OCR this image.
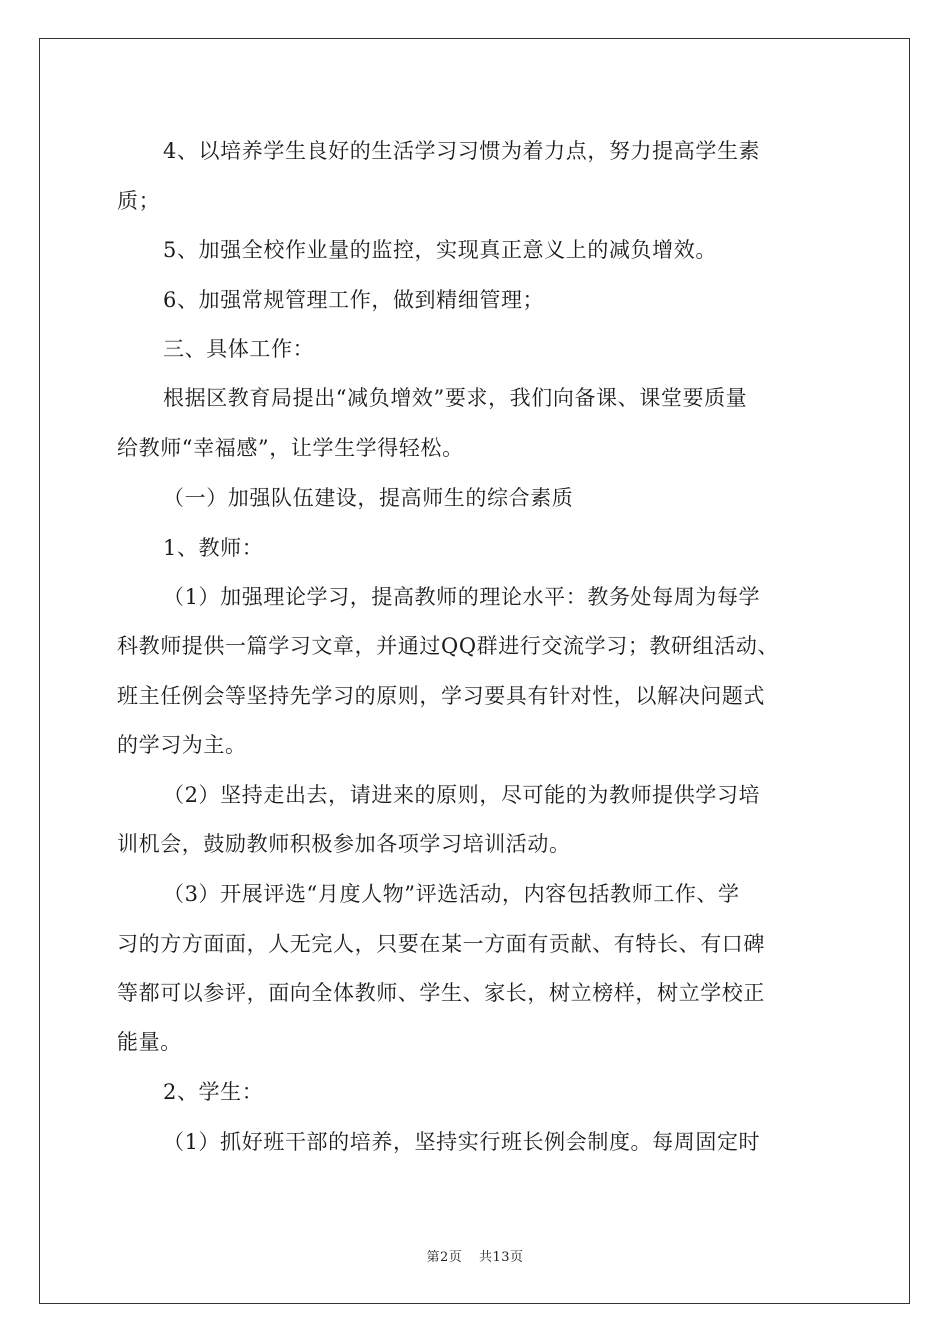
4、以培养学生良好的生活学习习惯为着力点，努力提高学生素
质；
5、加强全校作业量的监控，实现真正意义上的减负增效。
6、加强常规管理工作，做到精细管理；
三、具体工作：
根据区教育局提出“减负增效”要求，我们向备课、课堂要质量
给教师“幸福感”，让学生学得轻松。
（一）加强队伍建设，提高师生的综合素质
1、教师：
（1）加强理论学习，提高教师的理论水平：教务处每周为每学
科教师提供一篇学习文章，并通过QQ群进行交流学习；教研组活动、
班主任例会等坚持先学习的原则，学习要具有针对性，以解决问题式
的学习为主。
（2）坚持走出去，请进来的原则，尽可能的为教师提供学习培
训机会，鼓励教师积极参加各项学习培训活动。
（3）开展评选“月度人物”评选活动，内容包括教师工作、学
习的方方面面，人无完人，只要在某一方面有贡献、有特长、有口碑
等都可以参评，面向全体教师、学生、家长，树立榜样，树立学校正
能量。
2、学生：
（1）抓好班干部的培养，坚持实行班长例会制度。每周固定时
第2页 共13页
